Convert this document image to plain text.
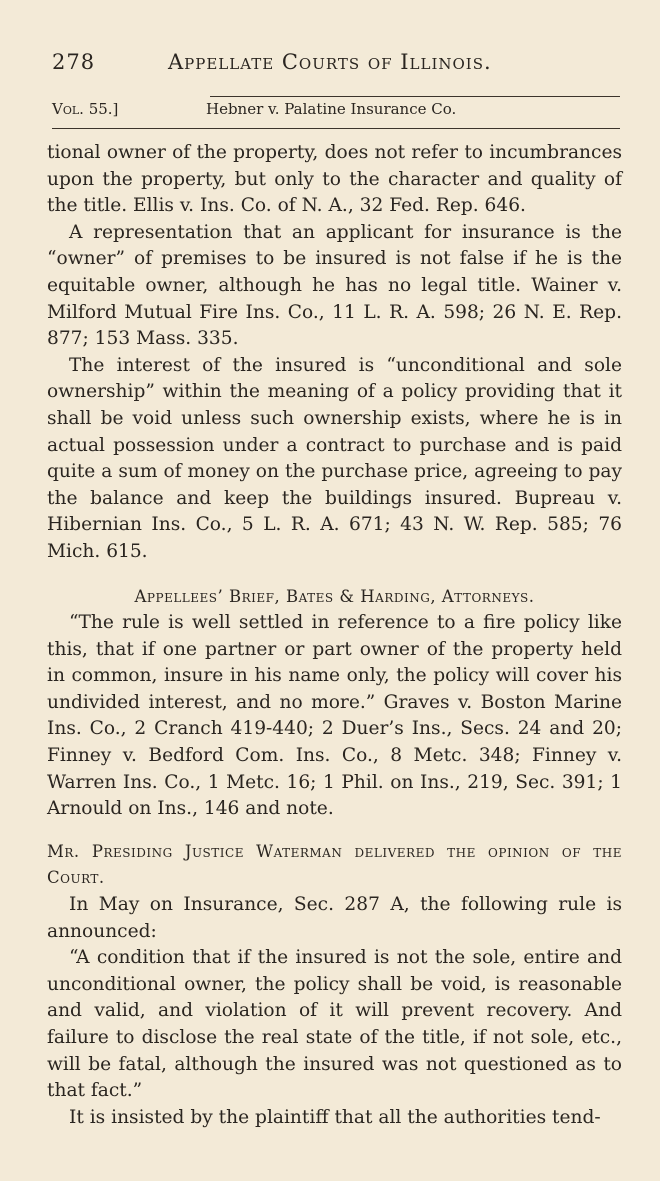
278	Appellate Courts of Illinois.
Vol. 55.]	Hebner v. Palatine Insurance Co.

tional owner of the property, does not refer to incumbrances upon the property, but only to the character and quality of the title. Ellis v. Ins. Co. of N. A., 32 Fed. Rep. 646.

A representation that an applicant for insurance is the “owner” of premises to be insured is not false if he is the equitable owner, although he has no legal title. Wainer v. Milford Mutual Fire Ins. Co., 11 L. R. A. 598; 26 N. E. Rep. 877; 153 Mass. 335.

The interest of the insured is “unconditional and sole ownership” within the meaning of a policy providing that it shall be void unless such ownership exists, where he is in actual possession under a contract to purchase and is paid quite a sum of money on the purchase price, agreeing to pay the balance and keep the buildings insured. Bupreau v. Hibernian Ins. Co., 5 L. R. A. 671; 43 N. W. Rep. 585; 76 Mich. 615.

Appellees’ Brief, Bates & Harding, Attorneys.

“The rule is well settled in reference to a fire policy like this, that if one partner or part owner of the property held in common, insure in his name only, the policy will cover his undivided interest, and no more.” Graves v. Boston Marine Ins. Co., 2 Cranch 419-440; 2 Duer’s Ins., Secs. 24 and 20; Finney v. Bedford Com. Ins. Co., 8 Metc. 348; Finney v. Warren Ins. Co., 1 Metc. 16; 1 Phil. on Ins., 219, Sec. 391; 1 Arnould on Ins., 146 and note.

Mr. Presiding Justice Waterman delivered the opinion of the Court.

In May on Insurance, Sec. 287 A, the following rule is announced:

“A condition that if the insured is not the sole, entire and unconditional owner, the policy shall be void, is reasonable and valid, and violation of it will prevent recovery. And failure to disclose the real state of the title, if not sole, etc., will be fatal, although the insured was not questioned as to that fact.”

It is insisted by the plaintiff that all the authorities tend-
